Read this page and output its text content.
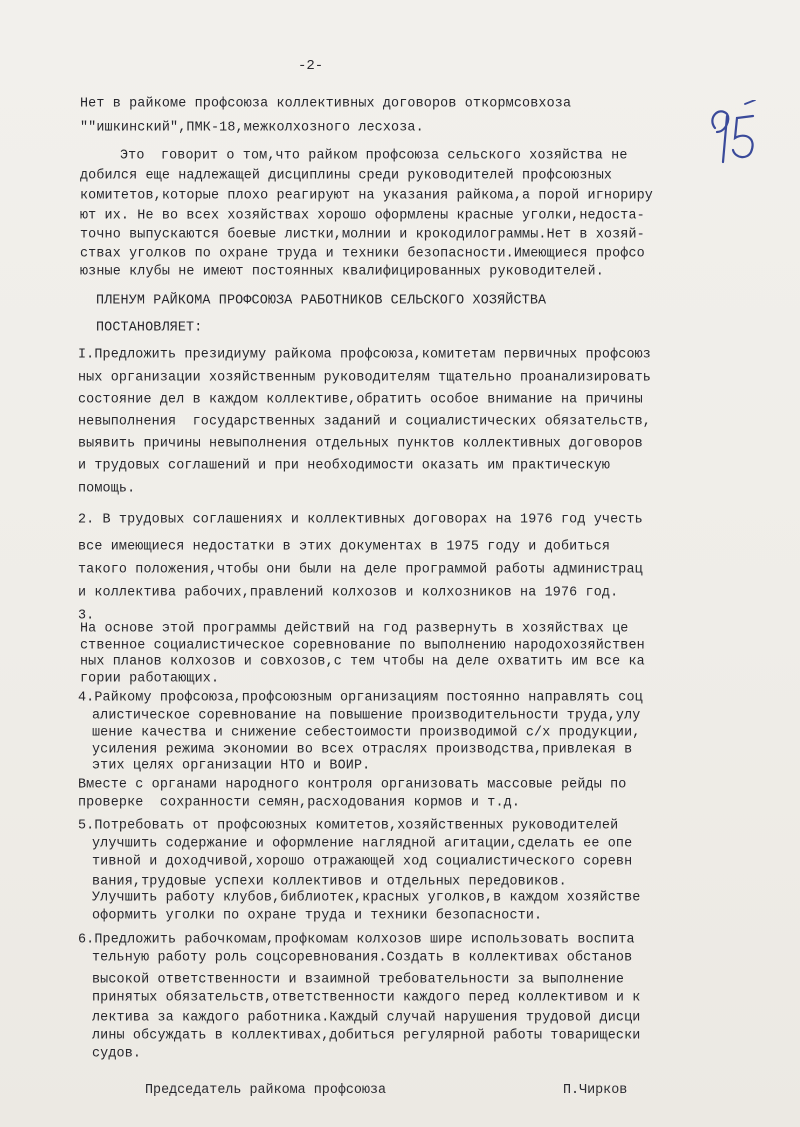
-2-
Нет в райкоме профсоюза коллективных договоров откормсовхоза
""ишкинский",ПМК-18,межколхозного лесхоза.
Это  говорит о том,что райком профсоюза сельского хозяйства не
добился еще надлежащей дисциплины среди руководителей профсоюзных
комитетов,которые плохо реагируют на указания райкома,а порой игнориру
ют их. Не во всех хозяйствах хорошо оформлены красные уголки,недоста-
точно выпускаются боевые листки,молнии и крокодилограммы.Нет в хозяй-
ствах уголков по охране труда и техники безопасности.Имеющиеся профсо
юзные клубы не имеют постоянных квалифицированных руководителей.
ПЛЕНУМ РАЙКОМА ПРОФСОЮЗА РАБОТНИКОВ СЕЛЬСКОГО ХОЗЯЙСТВА
ПОСТАНОВЛЯЕТ:
I.Предложить президиуму райкома профсоюза,комитетам первичных профсоюз
ных организации хозяйственным руководителям тщательно проанализировать
состояние дел в каждом коллективе,обратить особое внимание на причины
невыполнения  государственных заданий и социалистических обязательств,
выявить причины невыполнения отдельных пунктов коллективных договоров
и трудовых соглашений и при необходимости оказать им практическую
помощь.
2. В трудовых соглашениях и коллективных договорах на 1976 год учесть
все имеющиеся недостатки в этих документах в 1975 году и добиться
такого положения,чтобы они были на деле программой работы администрац
и коллектива рабочих,правлений колхозов и колхозников на 1976 год.
3.
На основе этой программы действий на год развернуть в хозяйствах це
ственное социалистическое соревнование по выполнению народохозяйствен
ных планов колхозов и совхозов,с тем чтобы на деле охватить им все ка
гории работающих.
4.Райкому профсоюза,профсоюзным организациям постоянно направлять соц
алистическое соревнование на повышение производительности труда,улу
шение качества и снижение себестоимости производимой с/х продукции,
усиления режима экономии во всех отраслях производства,привлекая в
этих целях организации НТО и ВОИР.
Вместе с органами народного контроля организовать массовые рейды по
проверке  сохранности семян,расходования кормов и т.д.
5.Потребовать от профсоюзных комитетов,хозяйственных руководителей
улучшить содержание и оформление наглядной агитации,сделать ее опе
тивной и доходчивой,хорошо отражающей ход социалистического соревн
вания,трудовые успехи коллективов и отдельных передовиков.
Улучшить работу клубов,библиотек,красных уголков,в каждом хозяйстве
оформить уголки по охране труда и техники безопасности.
6.Предложить рабочкомам,профкомам колхозов шире использовать воспита
тельную работу роль соцсоревнования.Создать в коллективах обстанов
высокой ответственности и взаимной требовательности за выполнение
принятых обязательств,ответственности каждого перед коллективом и к
лектива за каждого работника.Каждый случай нарушения трудовой дисци
лины обсуждать в коллективах,добиться регулярной работы товарищески
судов.
Председатель райкома профсоюза	П.Чирков
